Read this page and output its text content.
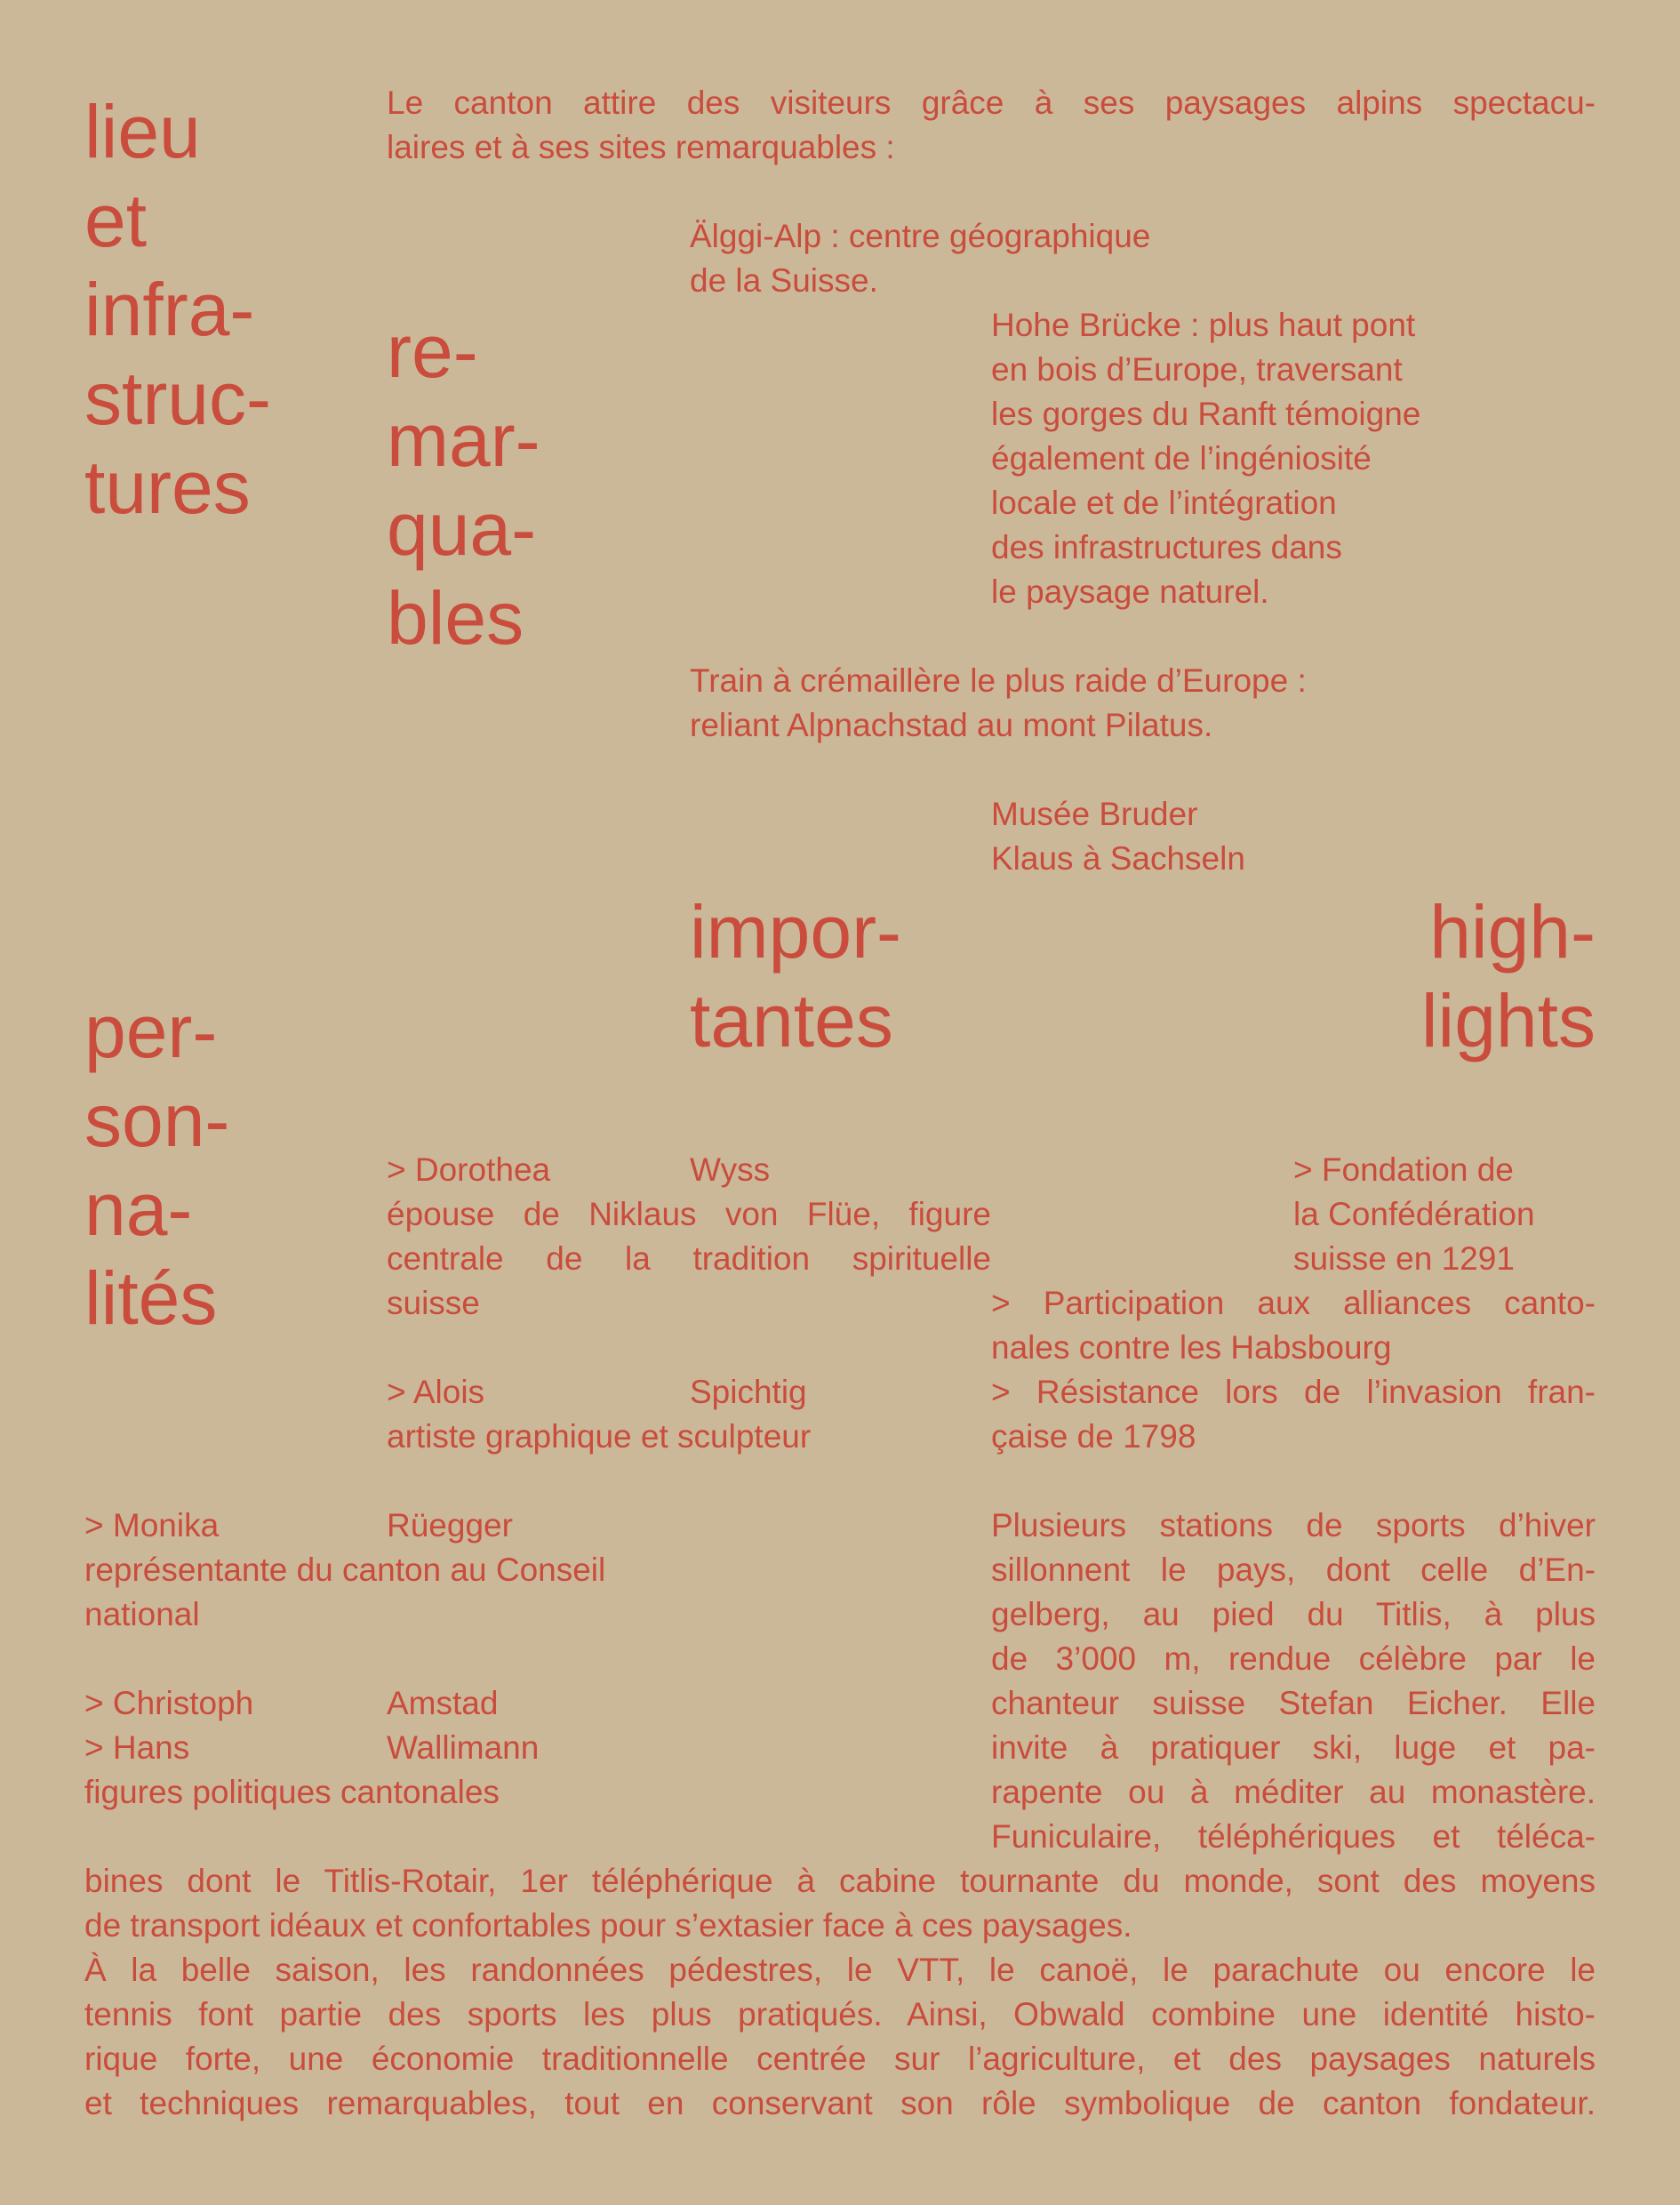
Le canton attire des visiteurs grâce à ses paysages alpins spectacu-

laires et à ses sites remarquables :

lieu

et

infra-

struc-

tures

re-

mar-

qua-

bles

Älggi-Alp : centre géographique

de la Suisse.

Hohe Brücke : plus haut pont

en bois d’Europe, traversant

les gorges du Ranft témoigne

également de l’ingéniosité

locale et de l’intégration

des infrastructures dans

le paysage naturel.

Train à crémaillère le plus raide d’Europe :

reliant Alpnachstad au mont Pilatus.

Musée Bruder

Klaus à Sachseln

impor-

tantes

high-

lights

per-

son-

na-

lités

> Dorothea	Wyss

épouse de Niklaus von Flüe, figure

centrale de la tradition spirituelle

suisse

> Alois	Spichtig

artiste graphique et sculpteur

> Fondation de

la Confédération

suisse en 1291

> Participation aux alliances canto-

nales contre les Habsbourg

> Résistance lors de l’invasion fran-

çaise de 1798

> Monika	Rüegger

représentante du canton au Conseil

national

> Christoph	Amstad

> Hans	Wallimann

figures politiques cantonales

Plusieurs stations de sports d’hiver

sillonnent le pays, dont celle d’En-

gelberg, au pied du Titlis, à plus

de 3’000 m, rendue célèbre par le

chanteur suisse Stefan Eicher. Elle

invite à pratiquer ski, luge et pa-

rapente ou à méditer au monastère.

Funiculaire, téléphériques et téléca-

bines dont le Titlis-Rotair, 1er téléphérique à cabine tournante du monde, sont des moyens

de transport idéaux et confortables pour s’extasier face à ces paysages.

À la belle saison, les randonnées pédestres, le VTT, le canoë, le parachute ou encore le

tennis font partie des sports les plus pratiqués. Ainsi, Obwald combine une identité histo-

rique forte, une économie traditionnelle centrée sur l’agriculture, et des paysages naturels

et techniques remarquables, tout en conservant son rôle symbolique de canton fondateur.
